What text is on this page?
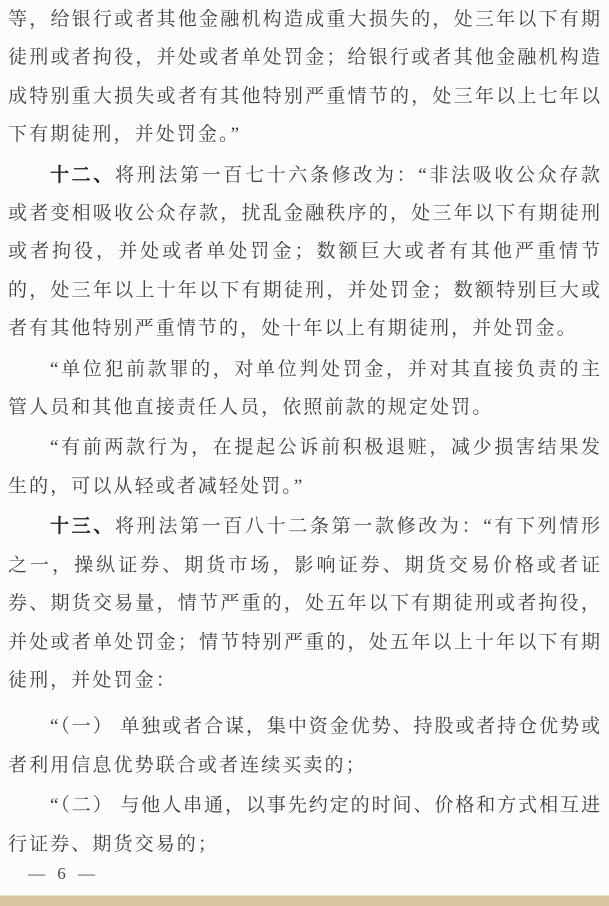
等，给银行或者其他金融机构造成重大损失的，处三年以下有期
徒刑或者拘役，并处或者单处罚金；给银行或者其他金融机构造
成特别重大损失或者有其他特别严重情节的，处三年以上七年以
下有期徒刑，并处罚金。”
十二、将刑法第一百七十六条修改为：“非法吸收公众存款
或者变相吸收公众存款，扰乱金融秩序的，处三年以下有期徒刑
或者拘役，并处或者单处罚金；数额巨大或者有其他严重情节
的，处三年以上十年以下有期徒刑，并处罚金；数额特别巨大或
者有其他特别严重情节的，处十年以上有期徒刑，并处罚金。
“单位犯前款罪的，对单位判处罚金，并对其直接负责的主
管人员和其他直接责任人员，依照前款的规定处罚。
“有前两款行为，在提起公诉前积极退赃，减少损害结果发
生的，可以从轻或者减轻处罚。”
十三、将刑法第一百八十二条第一款修改为：“有下列情形
之一，操纵证券、期货市场，影响证券、期货交易价格或者证
券、期货交易量，情节严重的，处五年以下有期徒刑或者拘役，
并处或者单处罚金；情节特别严重的，处五年以上十年以下有期
徒刑，并处罚金：
“（一） 单独或者合谋，集中资金优势、持股或者持仓优势或
者利用信息优势联合或者连续买卖的；
“（二） 与他人串通，以事先约定的时间、价格和方式相互进
行证券、期货交易的；
— 6 —
